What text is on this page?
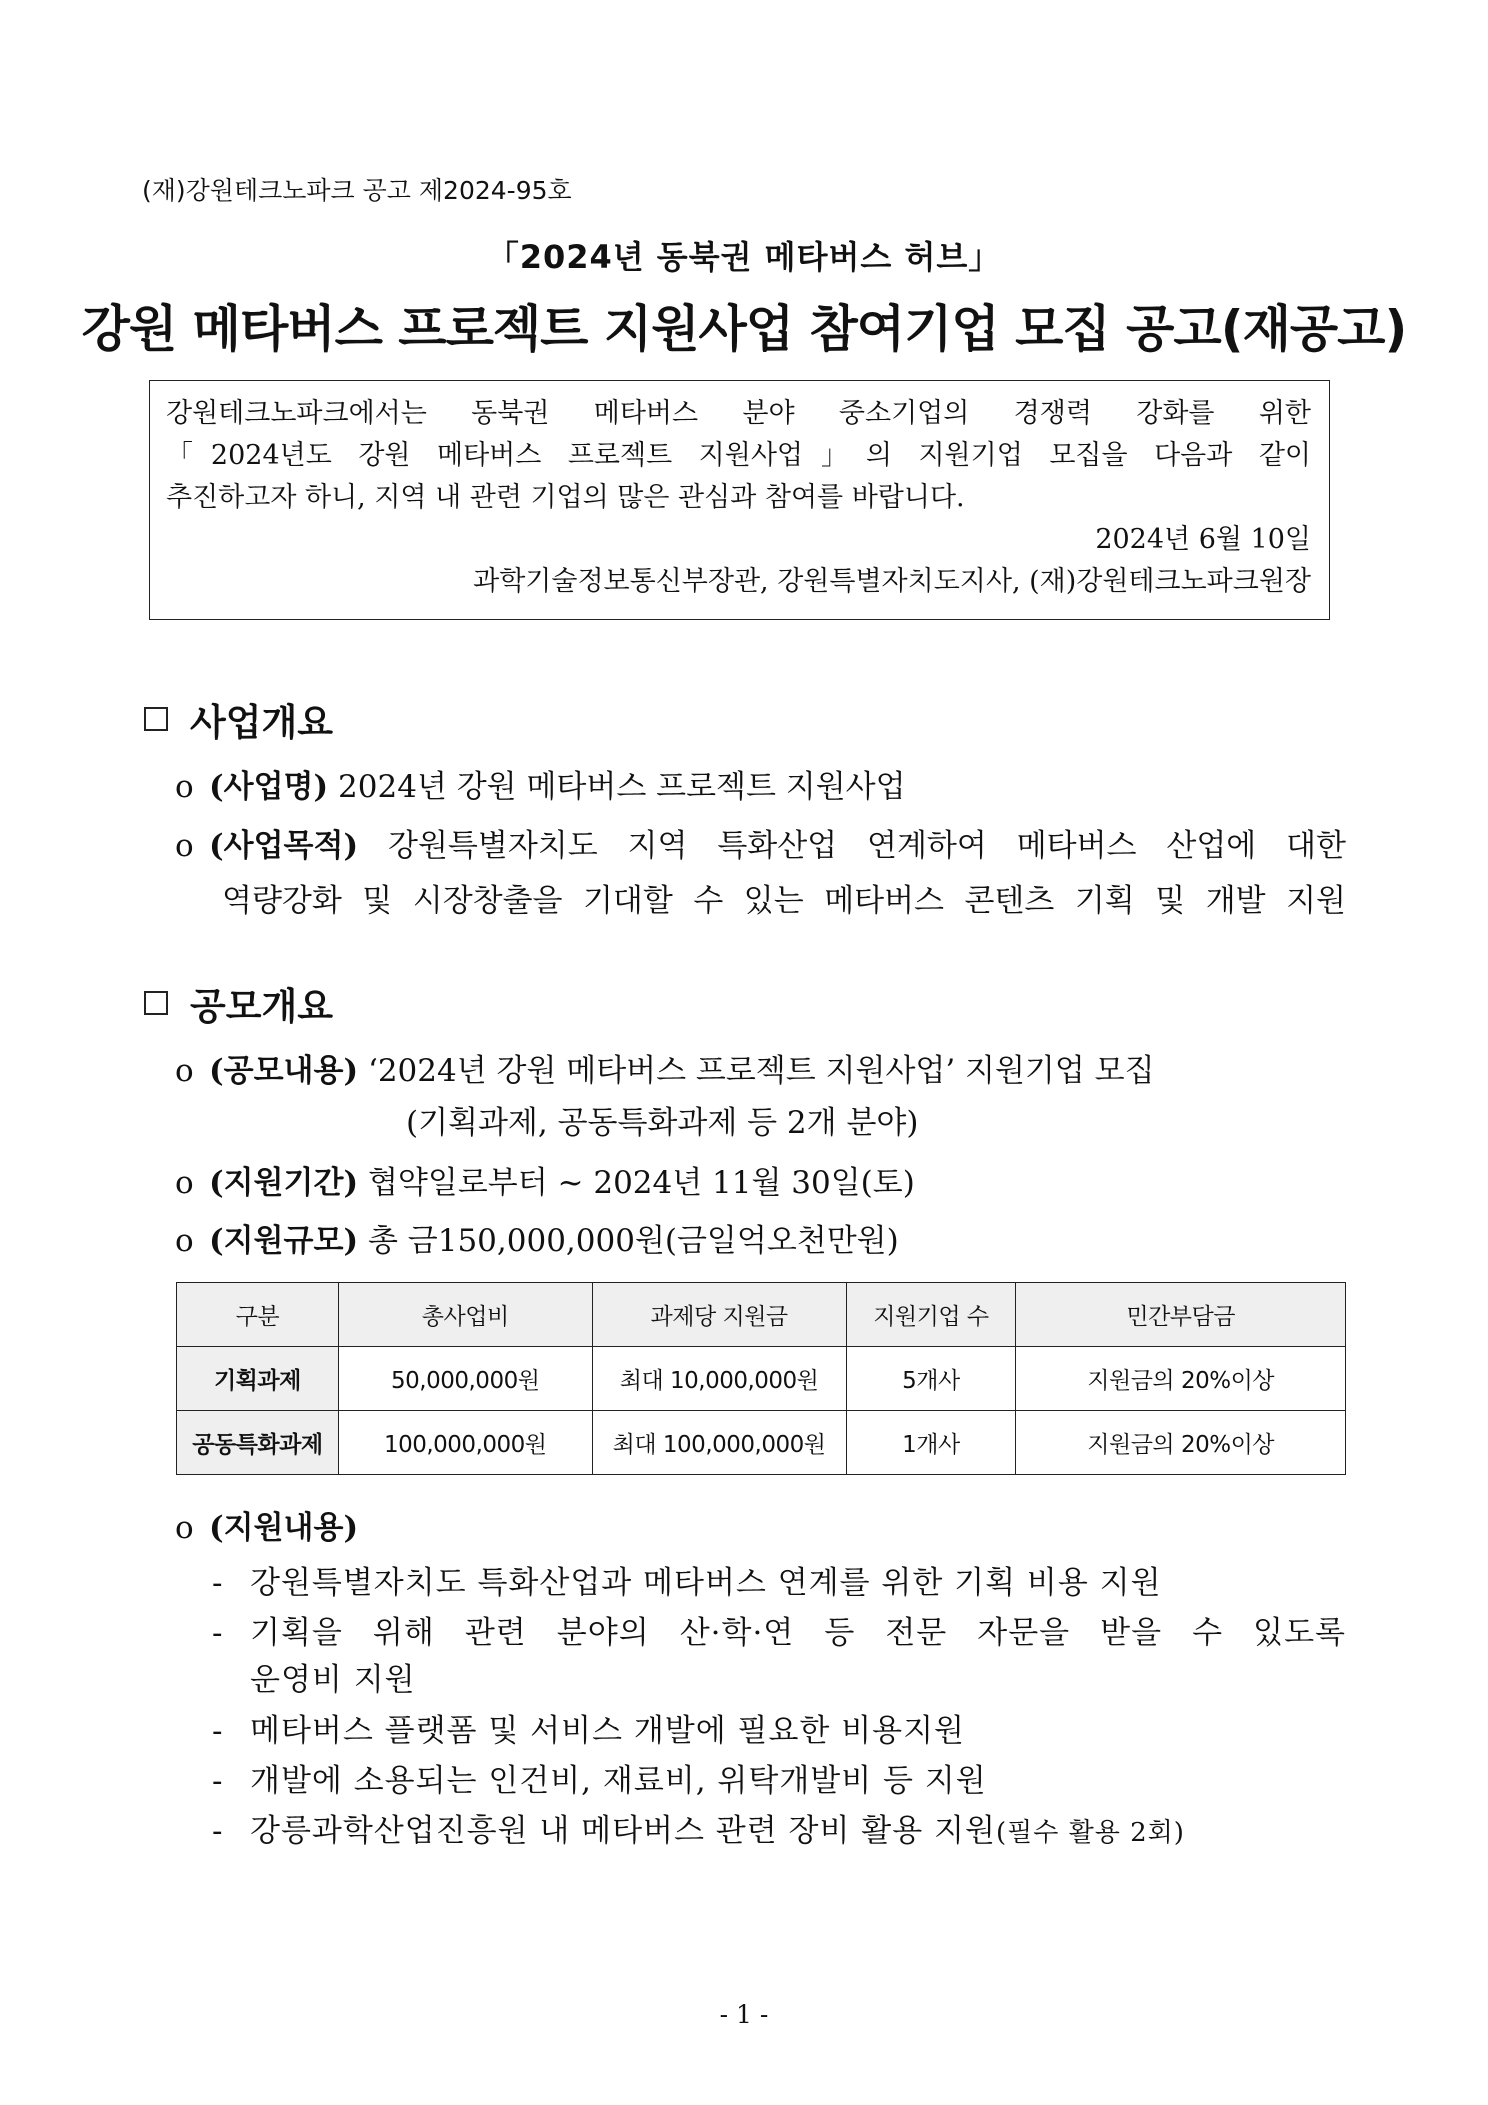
(재)강원테크노파크 공고 제2024-95호
「2024년 동북권 메타버스 허브」
강원 메타버스 프로젝트 지원사업 참여기업 모집 공고(재공고)
강원테크노파크에서는 동북권 메타버스 분야 중소기업의 경쟁력 강화를 위한
「2024년도 강원 메타버스 프로젝트 지원사업」의 지원기업 모집을 다음과 같이
추진하고자 하니, 지역 내 관련 기업의 많은 관심과 참여를 바랍니다.
2024년 6월 10일
과학기술정보통신부장관, 강원특별자치도지사, (재)강원테크노파크원장
사업개요
o (사업명) 2024년 강원 메타버스 프로젝트 지원사업
o (사업목적) 강원특별자치도 지역 특화산업 연계하여 메타버스 산업에 대한
역량강화 및 시장창출을 기대할 수 있는 메타버스 콘텐츠 기획 및 개발 지원
공모개요
o (공모내용) ‘2024년 강원 메타버스 프로젝트 지원사업’ 지원기업 모집
(기획과제, 공동특화과제 등 2개 분야)
o (지원기간) 협약일로부터 ~ 2024년 11월 30일(토)
o (지원규모) 총 금150,000,000원(금일억오천만원)
구분	총사업비	과제당 지원금	지원기업 수	민간부담금
기획과제	50,000,000원	최대 10,000,000원	5개사	지원금의 20%이상
공동특화과제	100,000,000원	최대 100,000,000원	1개사	지원금의 20%이상
o (지원내용)
- 강원특별자치도 특화산업과 메타버스 연계를 위한 기획 비용 지원
- 기획을 위해 관련 분야의 산·학·연 등 전문 자문을 받을 수 있도록
운영비 지원
- 메타버스 플랫폼 및 서비스 개발에 필요한 비용지원
- 개발에 소용되는 인건비, 재료비, 위탁개발비 등 지원
- 강릉과학산업진흥원 내 메타버스 관련 장비 활용 지원(필수 활용 2회)
- 1 -
